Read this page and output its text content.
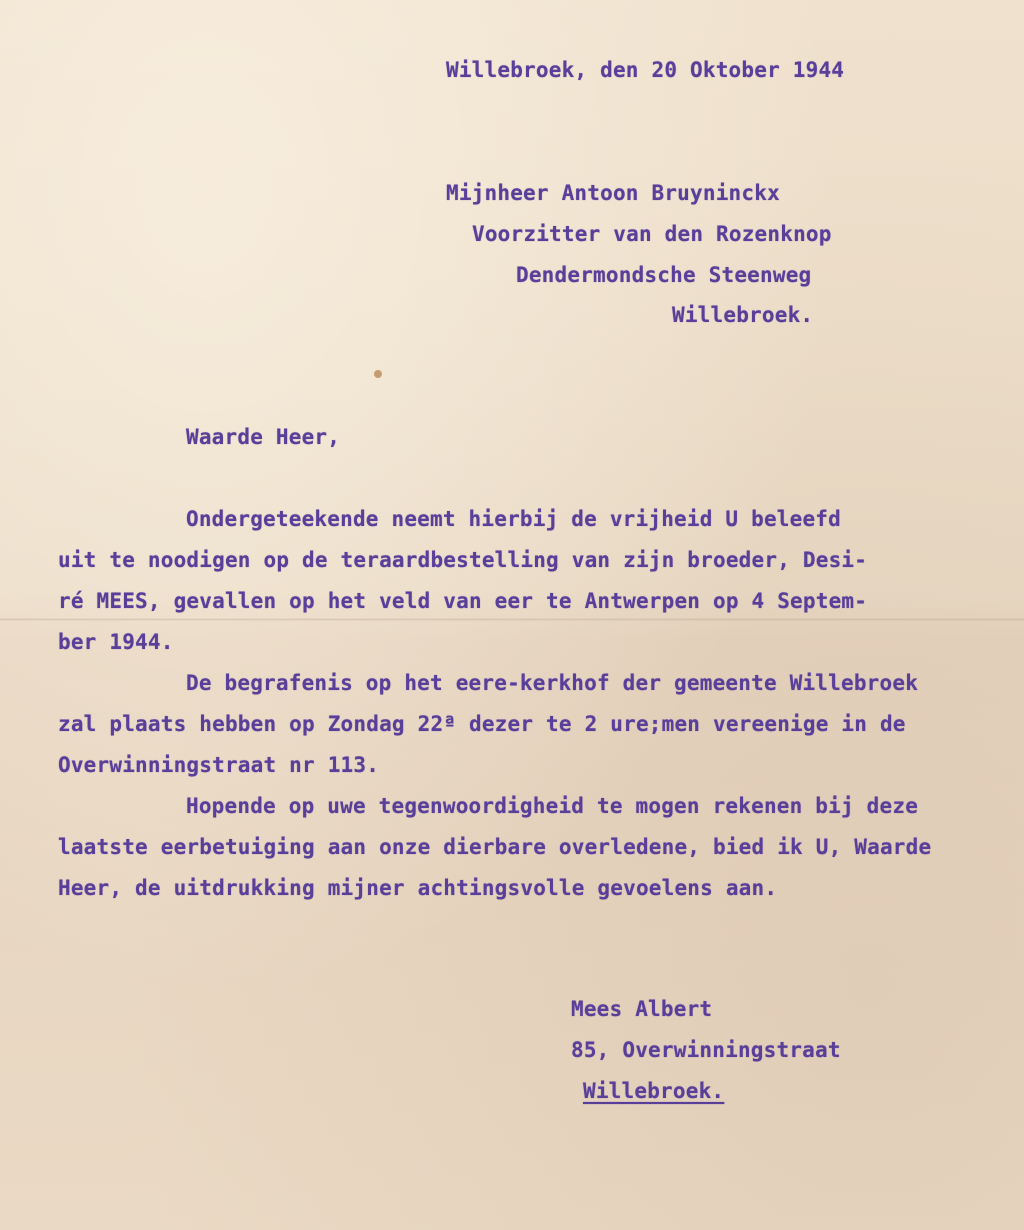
Willebroek, den 20 Oktober 1944

Mijnheer Antoon Bruyninckx

Voorzitter van den Rozenknop

Dendermondsche Steenweg

Willebroek.

Waarde Heer,

Ondergeteekende neemt hierbij de vrijheid U beleefd

uit te noodigen op de teraardbestelling van zijn broeder, Desi-

ré MEES, gevallen op het veld van eer te Antwerpen op 4 Septem-

ber 1944.

De begrafenis op het eere-kerkhof der gemeente Willebroek

zal plaats hebben op Zondag 22ª dezer te 2 ure;men vereenige in de

Overwinningstraat nr 113.

Hopende op uwe tegenwoordigheid te mogen rekenen bij deze

laatste eerbetuiging aan onze dierbare overledene, bied ik U, Waarde

Heer, de uitdrukking mijner achtingsvolle gevoelens aan.

Mees Albert

85, Overwinningstraat

Willebroek.
